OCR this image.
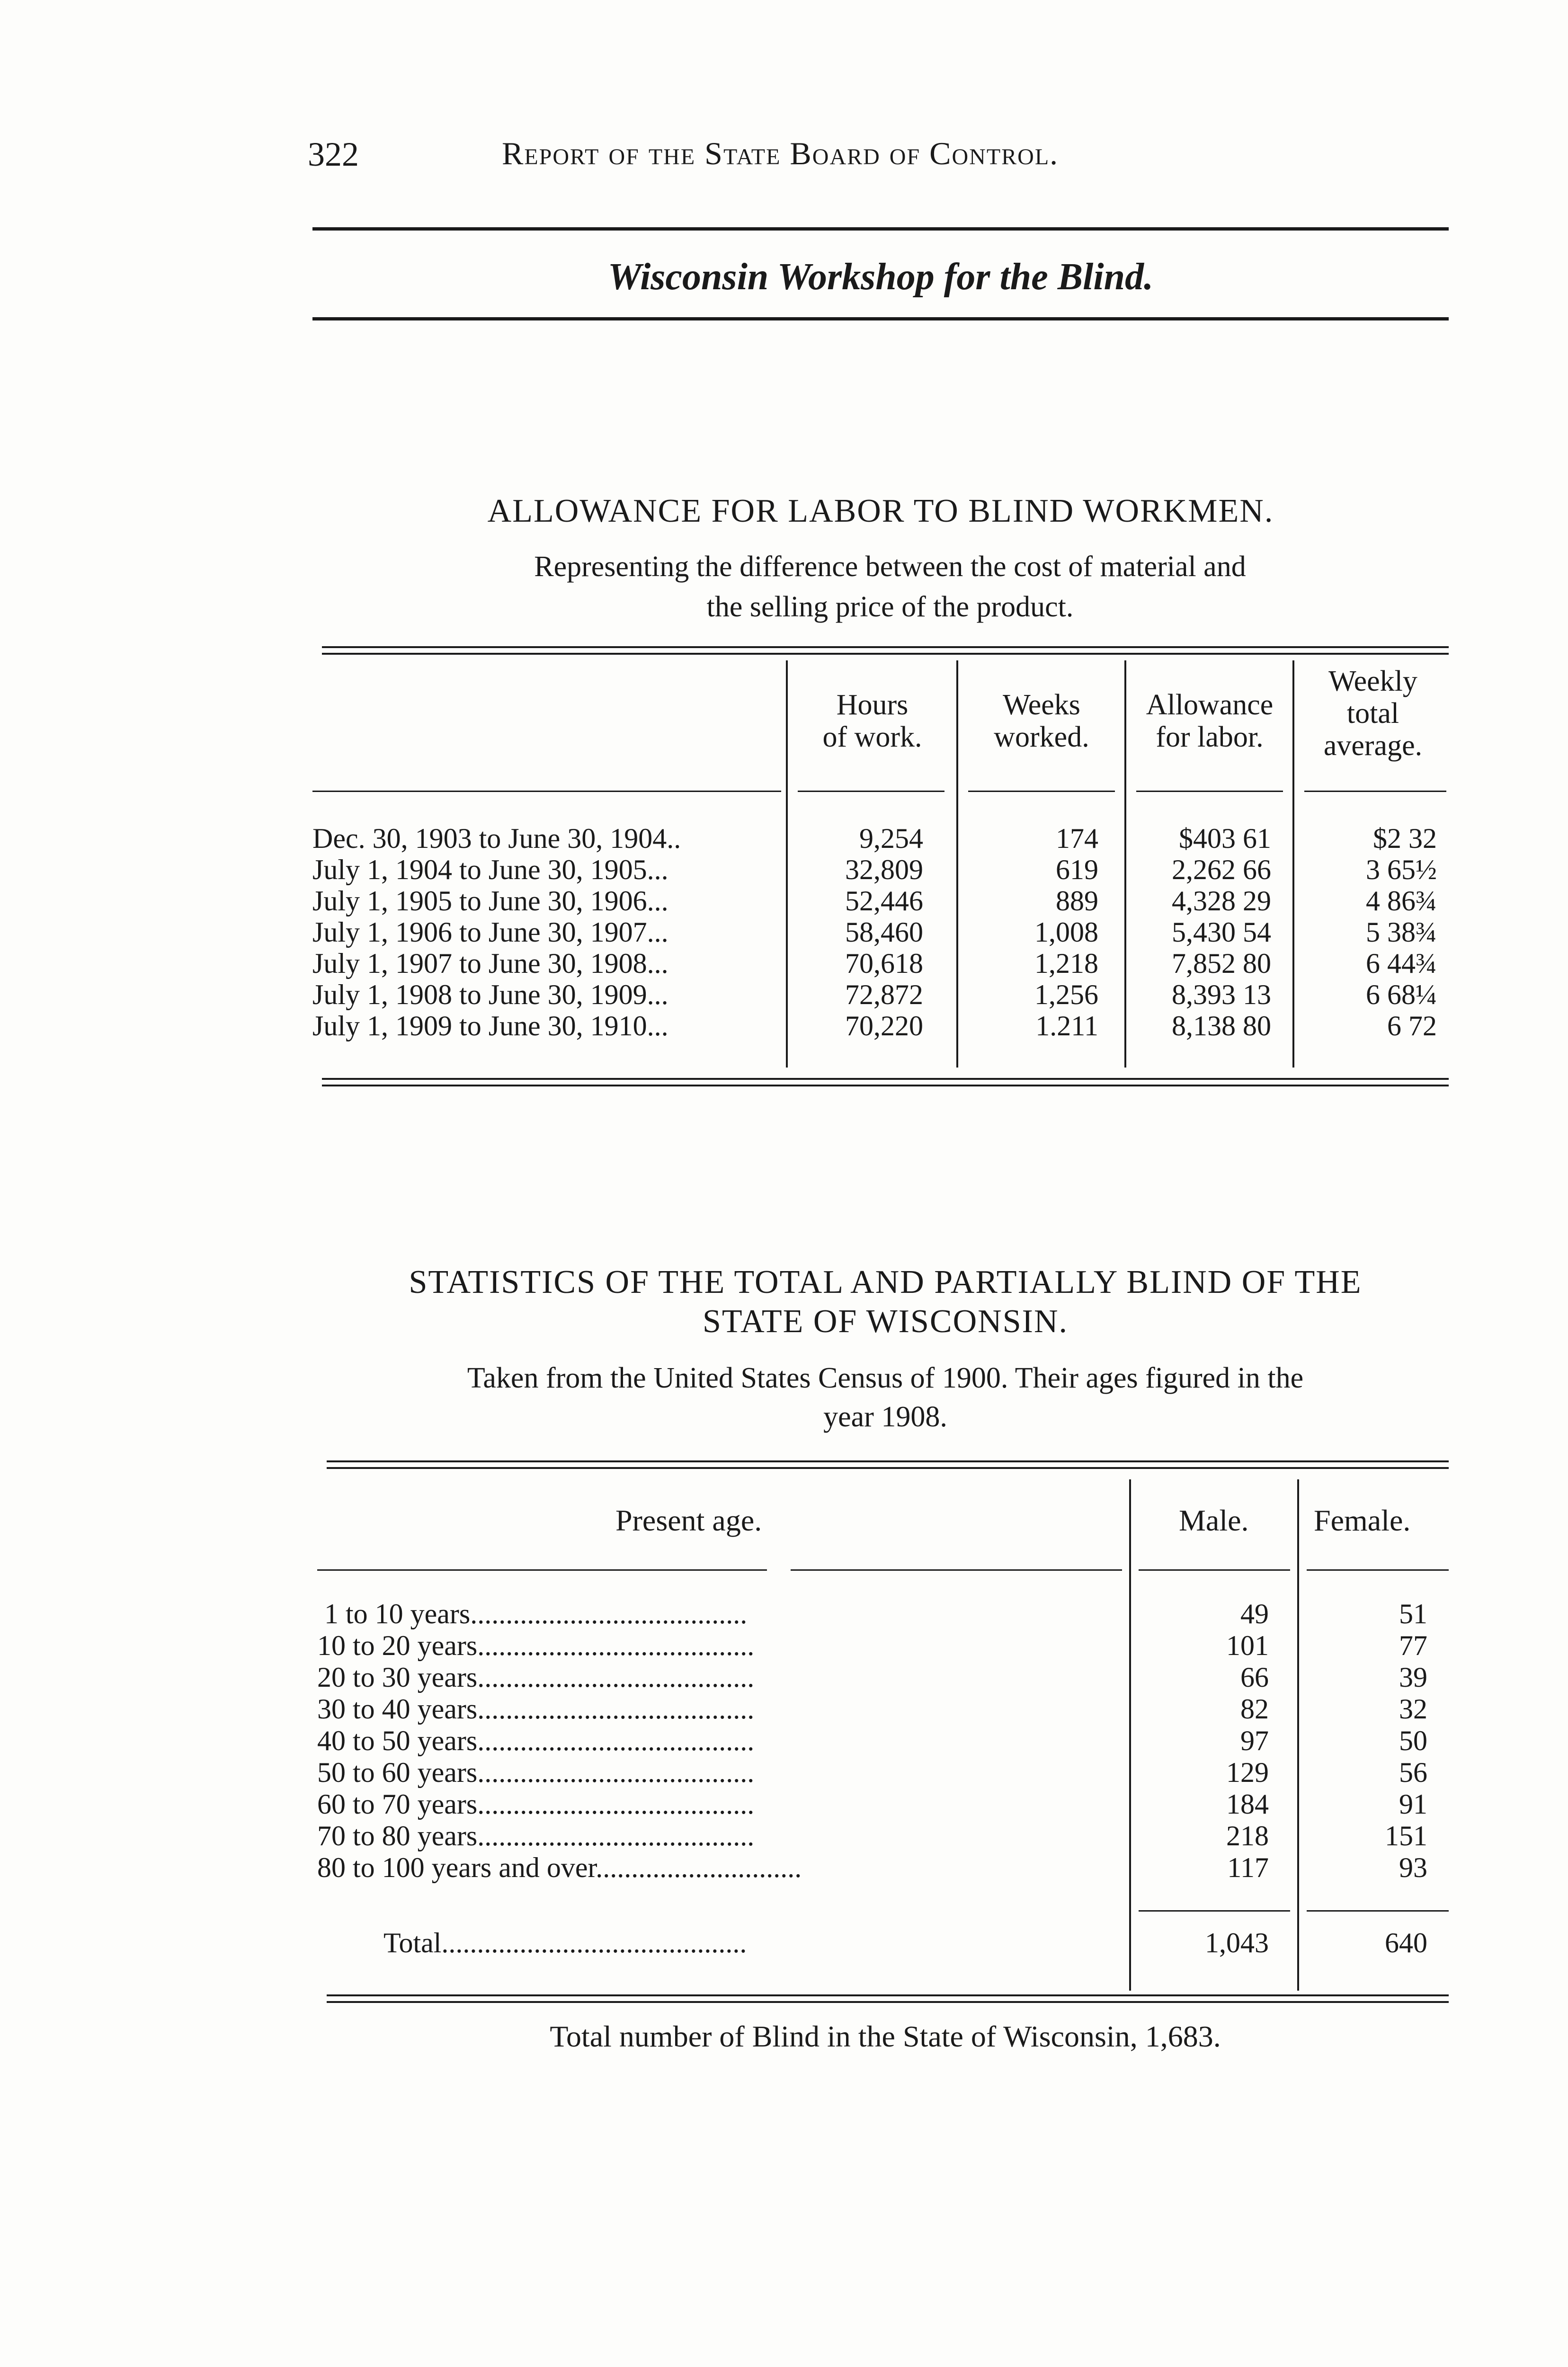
322	Report of the State Board of Control.
Wisconsin Workshop for the Blind.
ALLOWANCE FOR LABOR TO BLIND WORKMEN.
Representing the difference between the cost of material and
the selling price of the product.
Hours
of work.
Weeks
worked.
Allowance
for labor.
Weekly
total
average.
Dec. 30, 1903 to June 30, 1904..	9,254	174	$403 61	$2 32
July 1, 1904 to June 30, 1905...	32,809	619	2,262 66	3 65½
July 1, 1905 to June 30, 1906...	52,446	889	4,328 29	4 86¾
July 1, 1906 to June 30, 1907...	58,460	1,008	5,430 54	5 38¾
July 1, 1907 to June 30, 1908...	70,618	1,218	7,852 80	6 44¾
July 1, 1908 to June 30, 1909...	72,872	1,256	8,393 13	6 68¼
July 1, 1909 to June 30, 1910...	70,220	1.211	8,138 80	6 72
STATISTICS OF THE TOTAL AND PARTIALLY BLIND OF THE
STATE OF WISCONSIN.
Taken from the United States Census of 1900. Their ages figured in the
year 1908.
Present age.	Male. Female.
1 to 10 years.......................................	49	51
10 to 20 years.......................................	101	77
20 to 30 years.......................................	66	39
30 to 40 years.......................................	82	32
40 to 50 years.......................................	97	50
50 to 60 years.......................................	129	56
60 to 70 years.......................................	184	91
70 to 80 years.......................................	218	151
80 to 100 years and over.............................	117	93
Total...........................................	1,043	640
Total number of Blind in the State of Wisconsin, 1,683.
